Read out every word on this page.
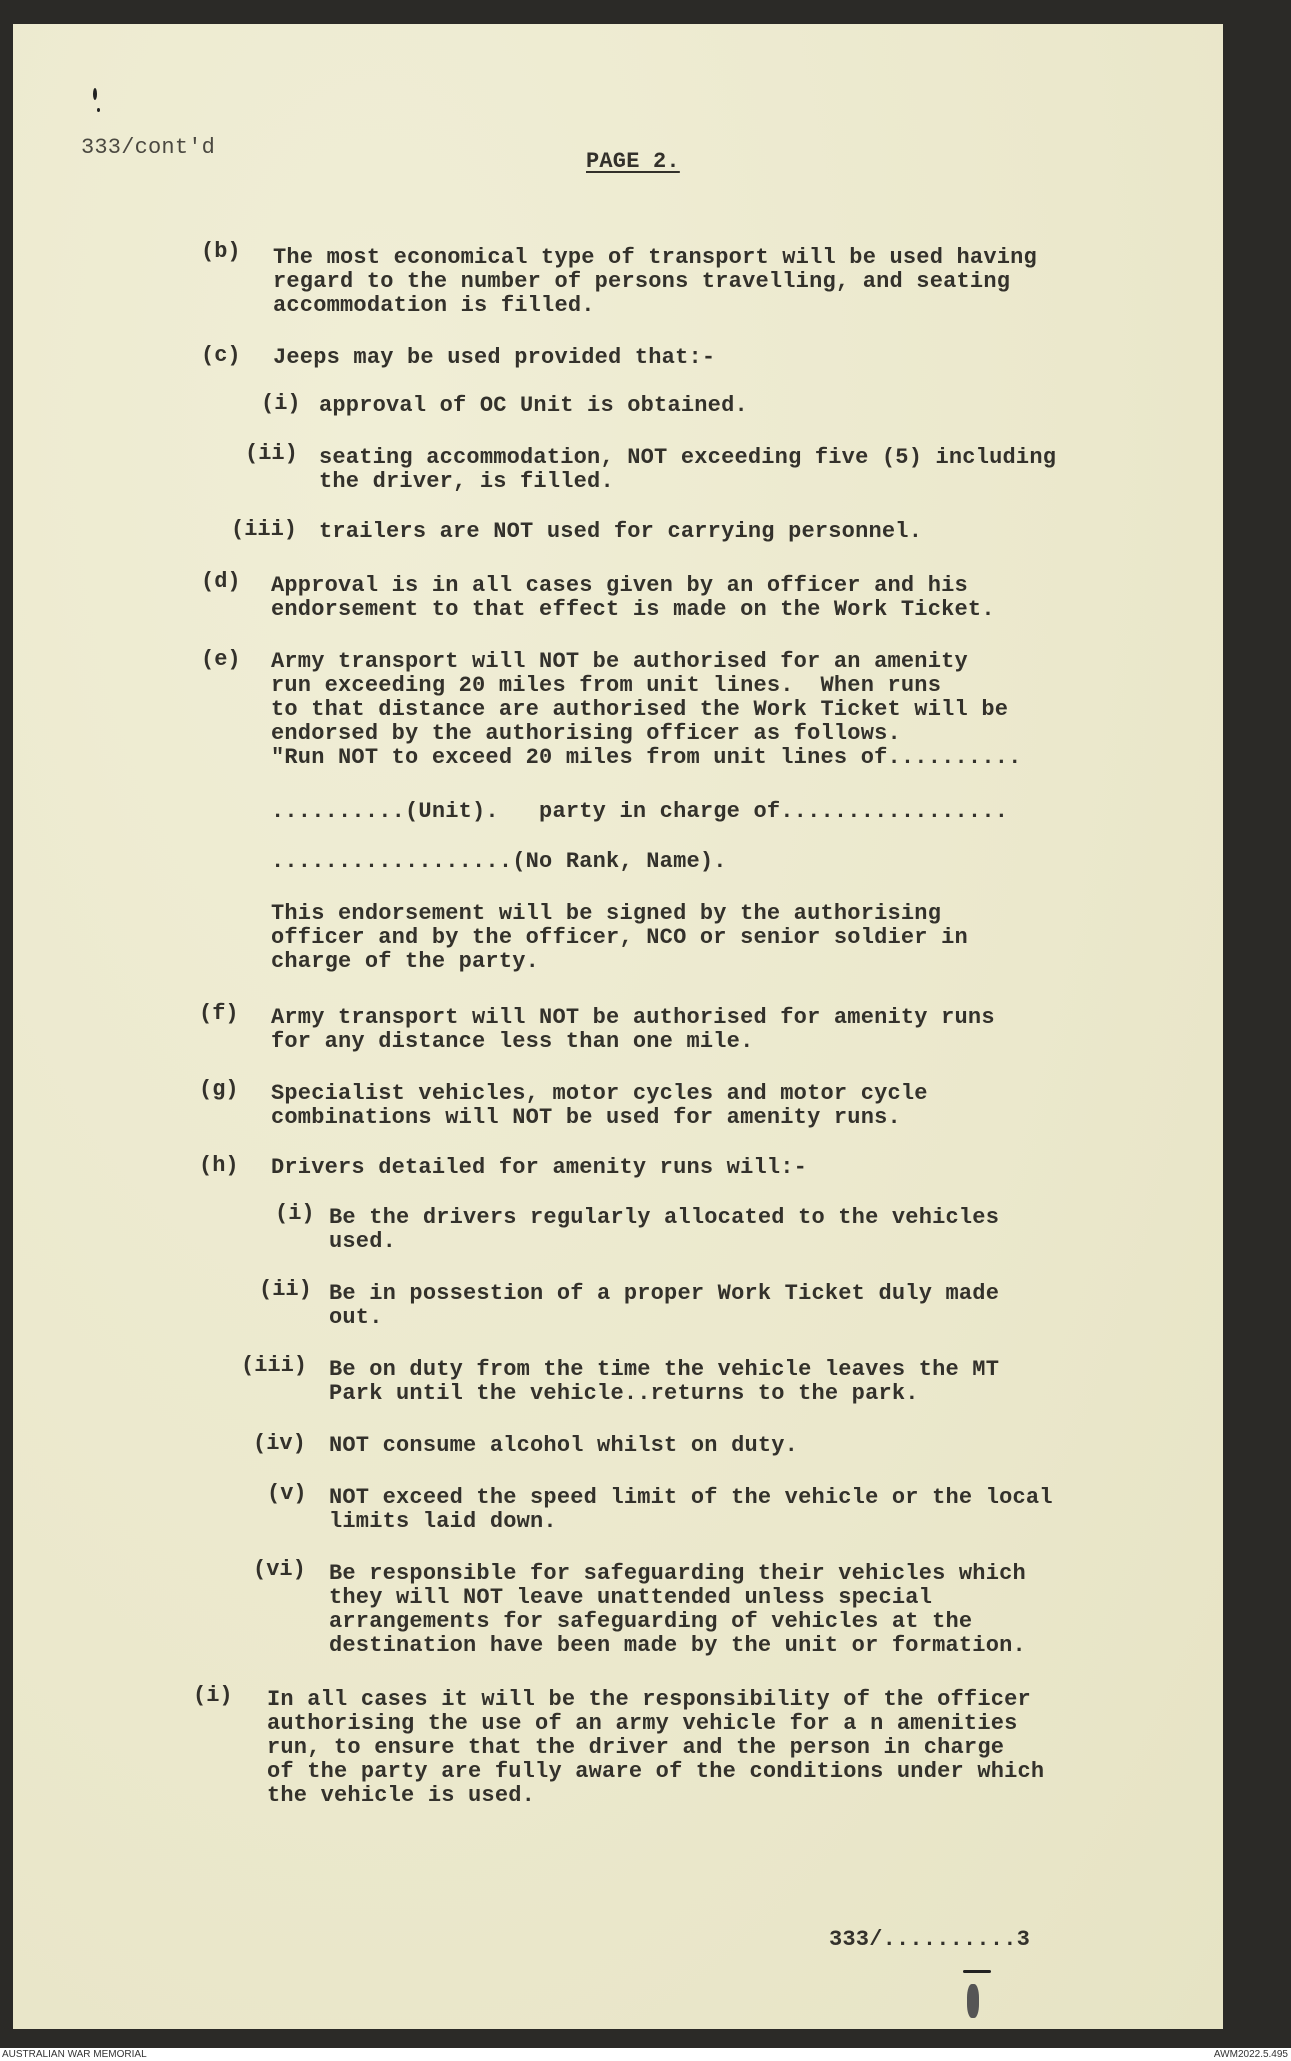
333/cont'd
PAGE 2.
(b) The most economical type of transport will be used having
regard to the number of persons travelling, and seating
accommodation is filled.
(c) Jeeps may be used provided that:-
(i) approval of OC Unit is obtained.
(ii) seating accommodation, NOT exceeding five (5) including
the driver, is filled.
(iii) trailers are NOT used for carrying personnel.
(d) Approval is in all cases given by an officer and his
endorsement to that effect is made on the Work Ticket.
(e) Army transport will NOT be authorised for an amenity
run exceeding 20 miles from unit lines.  When runs
to that distance are authorised the Work Ticket will be
endorsed by the authorising officer as follows.
"Run NOT to exceed 20 miles from unit lines of..........
..........(Unit).   party in charge of.................
..................(No Rank, Name).
This endorsement will be signed by the authorising
officer and by the officer, NCO or senior soldier in
charge of the party.
(f) Army transport will NOT be authorised for amenity runs
for any distance less than one mile.
(g) Specialist vehicles, motor cycles and motor cycle
combinations will NOT be used for amenity runs.
(h) Drivers detailed for amenity runs will:-
(i) Be the drivers regularly allocated to the vehicles
used.
(ii) Be in possestion of a proper Work Ticket duly made
out.
(iii) Be on duty from the time the vehicle leaves the MT
Park until the vehicle..returns to the park.
(iv) NOT consume alcohol whilst on duty.
(v) NOT exceed the speed limit of the vehicle or the local
limits laid down.
(vi) Be responsible for safeguarding their vehicles which
they will NOT leave unattended unless special
arrangements for safeguarding of vehicles at the
destination have been made by the unit or formation.
(i) In all cases it will be the responsibility of the officer
authorising the use of an army vehicle for a n amenities
run, to ensure that the driver and the person in charge
of the party are fully aware of the conditions under which
the vehicle is used.
333/..........3
AUSTRALIAN WAR MEMORIAL	AWM2022.5.495
